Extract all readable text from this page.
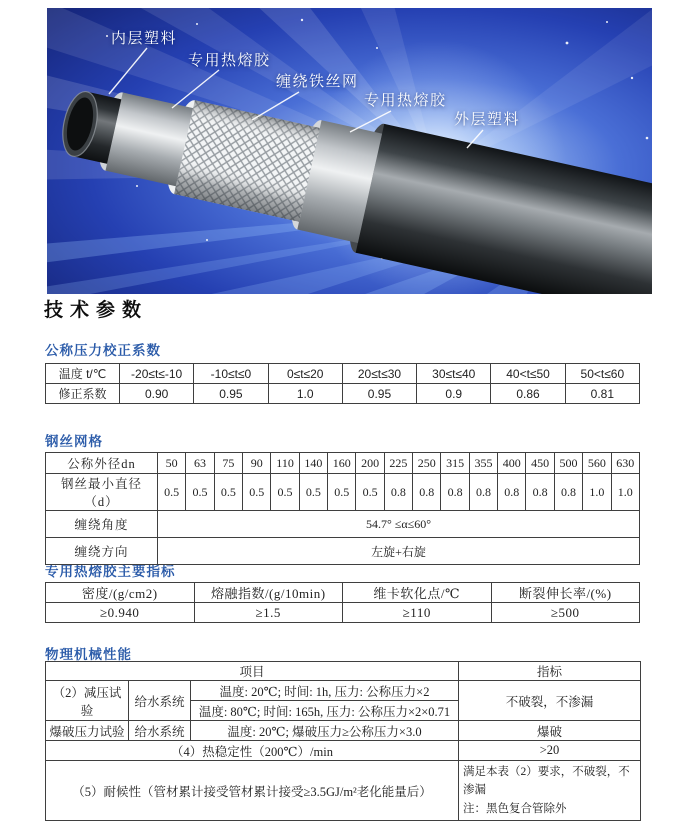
内层塑料
专用热熔胶
缠绕铁丝网
专用热熔胶
外层塑料
技术参数
公称压力校正系数
钢丝网格
专用热熔胶主要指标
物理机械性能
温度 t/℃	-20≤t≤-10	-10≤t≤0	0≤t≤20	20≤t≤30	30≤t≤40	40<t≤50	50<t≤60
修正系数	0.90	0.95	1.0	0.95	0.9	0.86	0.81
公称外径dn	50	63	75	90	110	140	160	200	225	250	315	355	400	450	500	560	630
钢丝最小直径（d）	0.5	0.5	0.5	0.5	0.5	0.5	0.5	0.5	0.8	0.8	0.8	0.8	0.8	0.8	0.8	1.0	1.0
缠绕角度	54.7° ≤α≤60°																
缠绕方向	左旋+右旋																
密度/(g/cm2)	熔融指数/(g/10min)	维卡软化点/℃	断裂伸长率/(%)
≥0.940	≥1.5	≥110	≥500
项目			指标
（2）减压试验	给水系统	温度: 20℃; 时间: 1h, 压力: 公称压力×2	不破裂，不渗漏
		温度: 80℃; 时间: 165h, 压力: 公称压力×2×0.71	
爆破压力试验	给水系统	温度: 20℃; 爆破压力≥公称压力×3.0	爆破
（4）热稳定性（200℃）/min			>20
（5）耐候性（管材累计接受管材累计接受≥3.5GJ/m²老化能量后）			满足本表（2）要求，不破裂，不渗漏
注：黑色复合管除外
